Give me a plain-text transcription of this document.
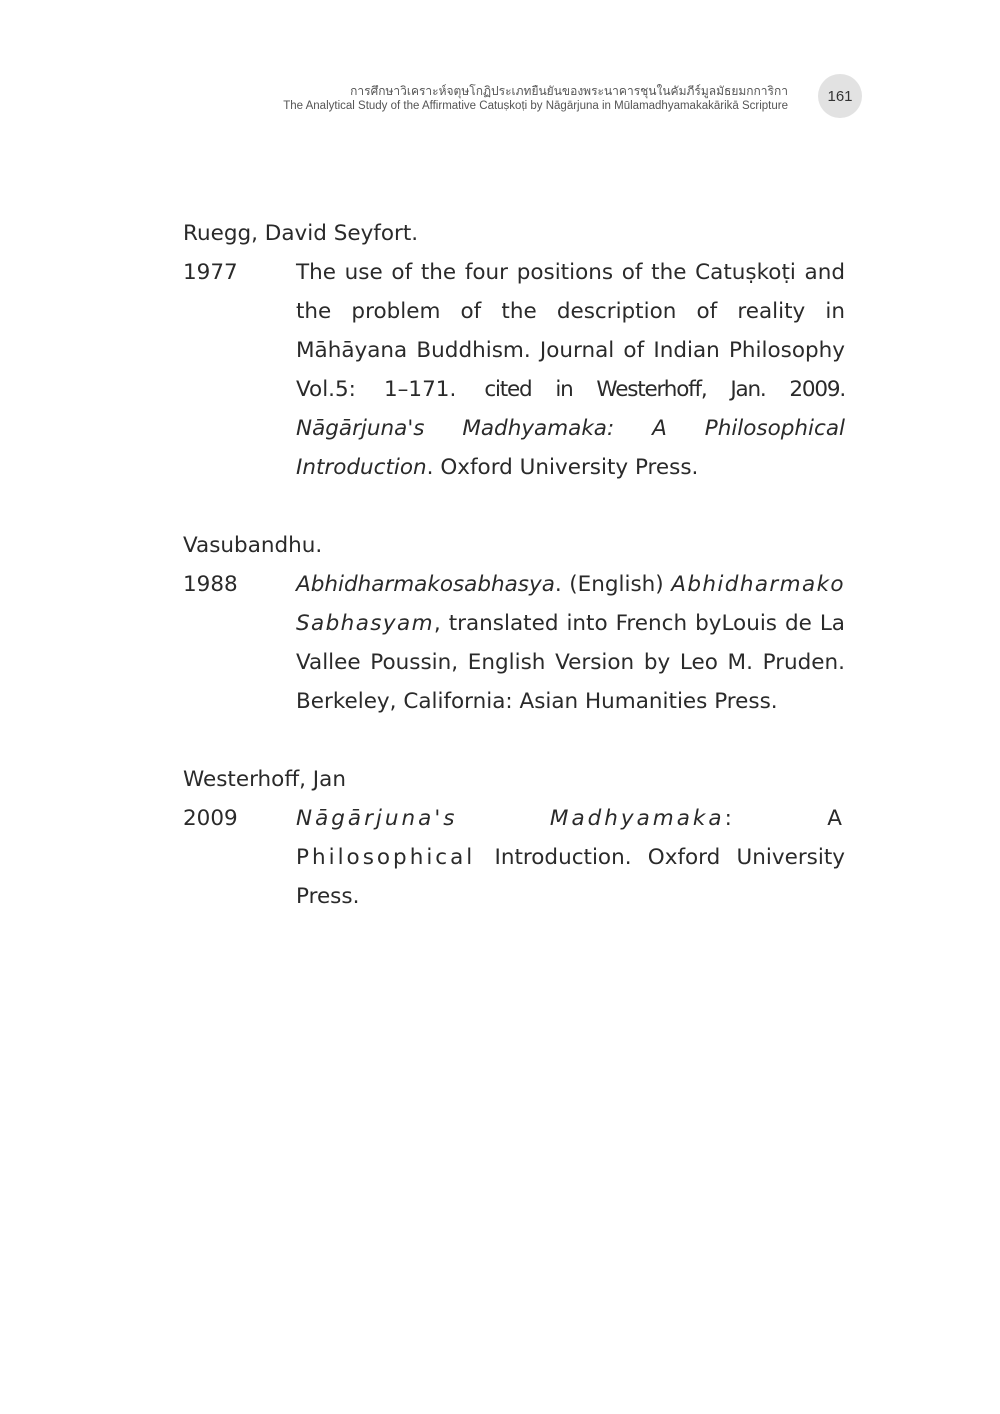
การศึกษาวิเคราะห์จตุษโกฏิประเภทยืนยันของพระนาคารชุนในคัมภีร์มูลมัธยมกการิกา
The Analytical Study of the Affirmative Catuṣkoṭi by Nāgārjuna in Mūlamadhyamakakārikā Scripture
161
Ruegg, David Seyfort.
1977	The use of the four positions of the Catuṣkoṭi and the problem of the description of reality in Māhāyana Buddhism. Journal of Indian Philosophy Vol.5: 1–171. cited in Westerhoff, Jan. 2009. Nāgārjuna's Madhyamaka: A Philosophical Introduction. Oxford University Press.
Vasubandhu.
1988	Abhidharmakosabhasya. (English) Abhidharmako Sabhasyam, translated into French byLouis de La Vallee Poussin, English Version by Leo M. Pruden. Berkeley, California: Asian Humanities Press.
Westerhoff, Jan
2009	Nāgārjuna's Madhyamaka: A Philosophical Introduction. Oxford University Press.
